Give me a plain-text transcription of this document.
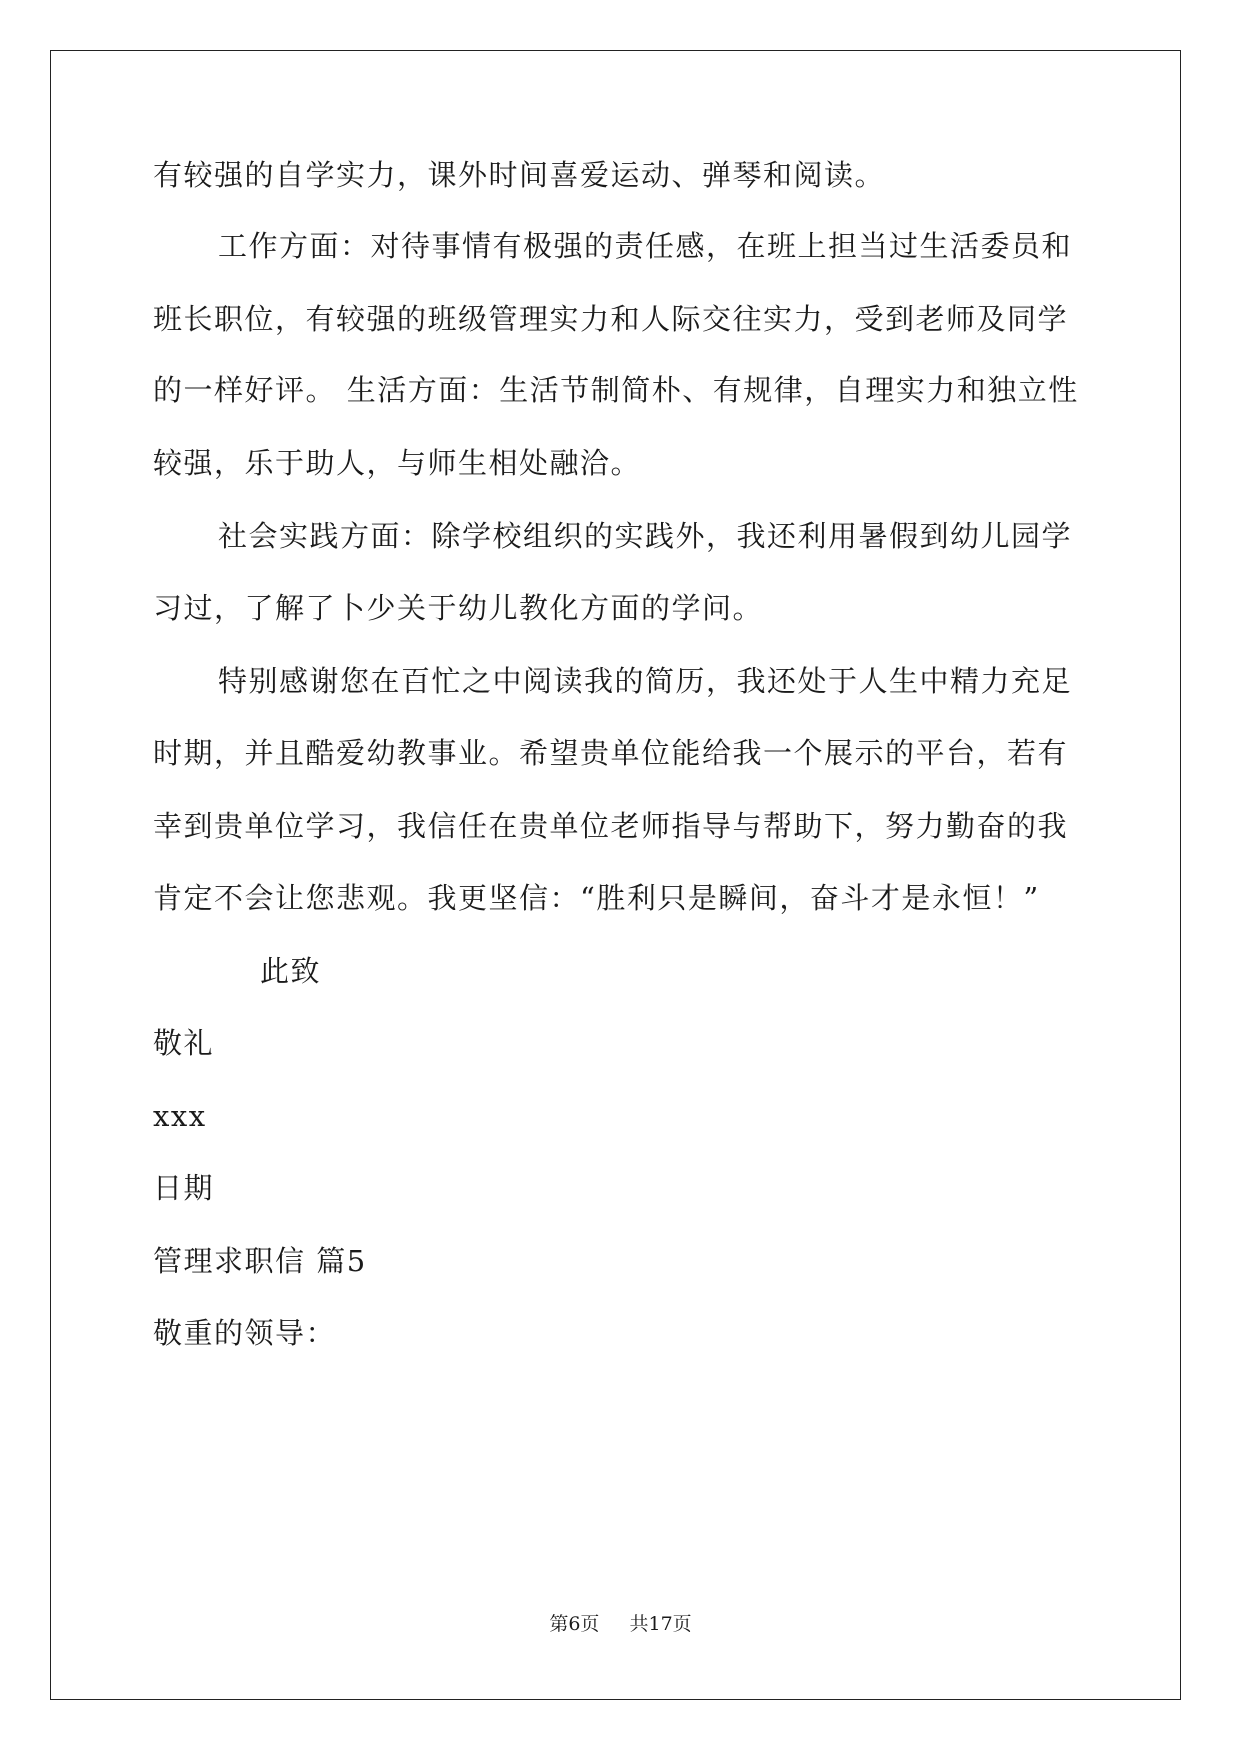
有较强的自学实力，课外时间喜爱运动、弹琴和阅读。
工作方面：对待事情有极强的责任感，在班上担当过生活委员和
班长职位，有较强的班级管理实力和人际交往实力，受到老师及同学
的一样好评。 生活方面：生活节制简朴、有规律，自理实力和独立性
较强，乐于助人，与师生相处融洽。
社会实践方面：除学校组织的实践外，我还利用暑假到幼儿园学
习过，了解了卜少关于幼儿教化方面的学问。
特别感谢您在百忙之中阅读我的简历，我还处于人生中精力充足
时期，并且酷爱幼教事业。希望贵单位能给我一个展示的平台，若有
幸到贵单位学习，我信任在贵单位老师指导与帮助下，努力勤奋的我
肯定不会让您悲观。我更坚信：“胜利只是瞬间，奋斗才是永恒！”
此致
敬礼
xxx
日期
管理求职信 篇5
敬重的领导：
第6页 共17页
